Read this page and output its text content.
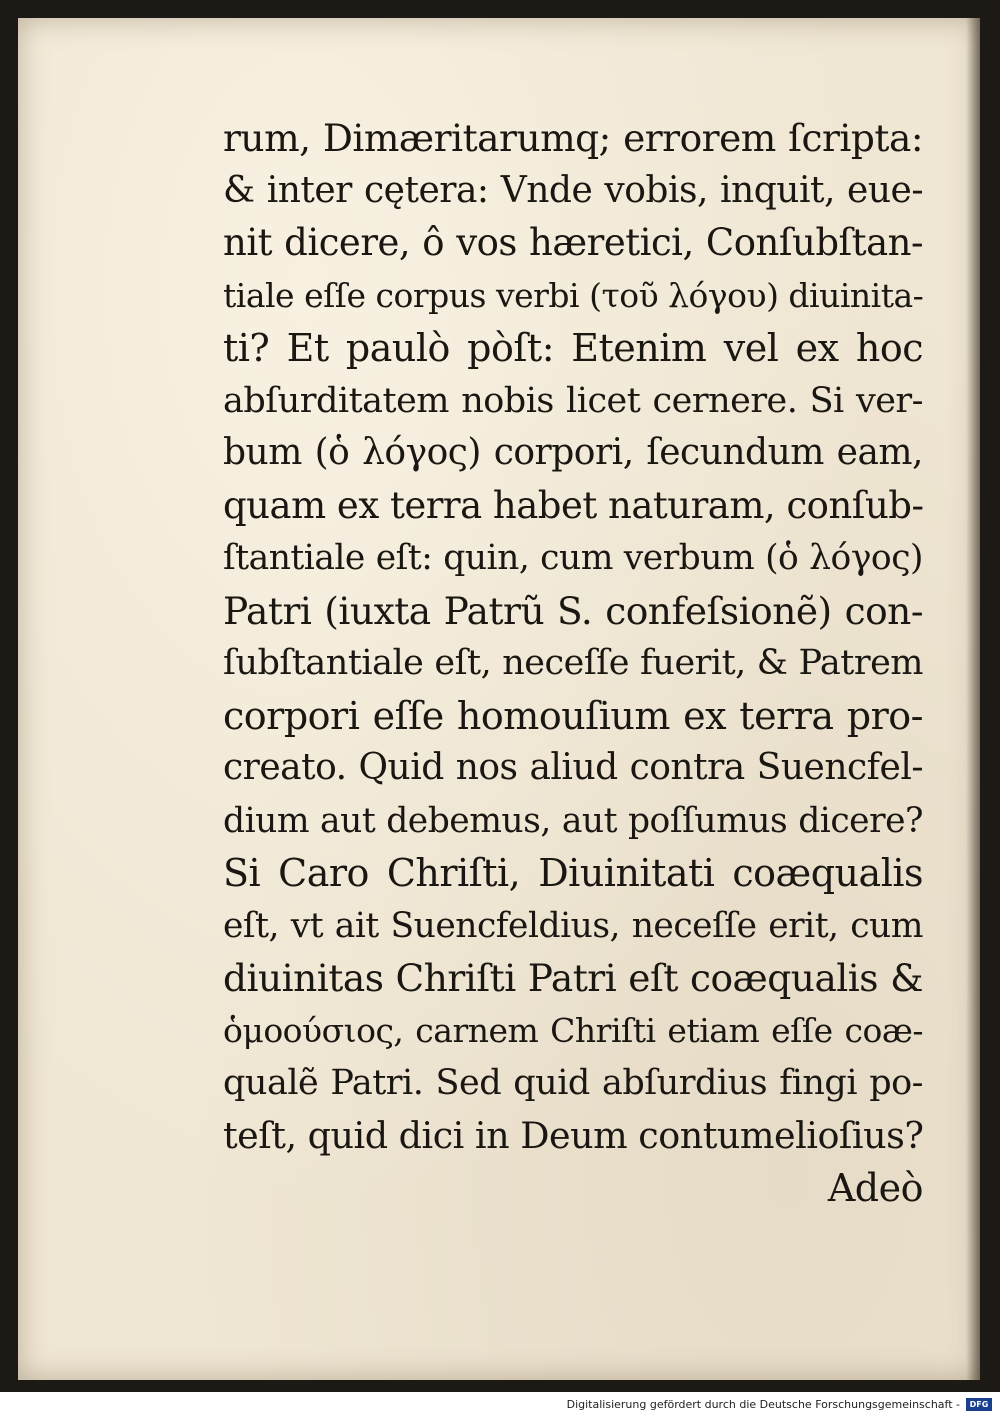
rum, Dimæritarumq; errorem ſcripta:
& inter cętera: Vnde vobis, inquit, eue-
nit dicere, ô vos hæretici, Conſubſtan-
tiale eſſe corpus verbi (τοῦ λόγου) diuinita-
ti? Et paulò pòſt: Etenim vel ex hoc
abſurditatem nobis licet cernere. Si ver-
bum (ὁ λόγος) corpori, ſecundum eam,
quam ex terra habet naturam, conſub-
ſtantiale eſt: quin, cum verbum (ὁ λόγος)
Patri (iuxta Patrũ S. confeſsionẽ) con-
ſubſtantiale eſt, neceſſe fuerit, & Patrem
corpori eſſe homouſium ex terra pro-
creato. Quid nos aliud contra Suencfel-
dium aut debemus, aut poſſumus dicere?
Si Caro Chriſti, Diuinitati coæqualis
eſt, vt ait Suencfeldius, neceſſe erit, cum
diuinitas Chriſti Patri eſt coæqualis &
ὁμοούσιος, carnem Chriſti etiam eſſe coæ-
qualẽ Patri. Sed quid abſurdius fingi po-
teſt, quid dici in Deum contumelioſius?
Adeò
Digitalisierung gefördert durch die Deutsche Forschungsgemeinschaft -	DFG
